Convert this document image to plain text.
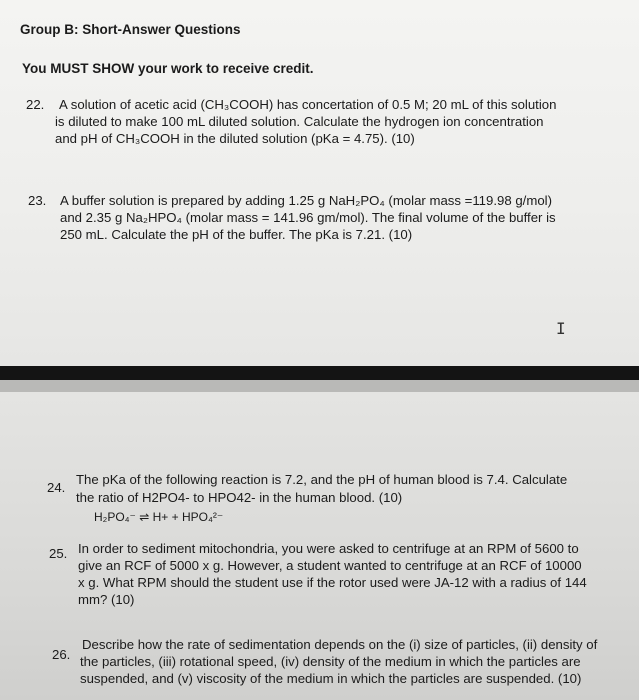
Group B: Short-Answer Questions
You MUST SHOW your work to receive credit.
22. A solution of acetic acid (CH₃COOH) has concertation of 0.5 M; 20 mL of this solution
is diluted to make 100 mL diluted solution. Calculate the hydrogen ion concentration
and pH of CH₃COOH in the diluted solution (pKa = 4.75). (10)
23. A buffer solution is prepared by adding 1.25 g NaH₂PO₄ (molar mass =119.98 g/mol)
and 2.35 g Na₂HPO₄ (molar mass = 141.96 gm/mol). The final volume of the buffer is
250 mL. Calculate the pH of the buffer. The pKa is 7.21. (10)
I
24.
The pKa of the following reaction is 7.2, and the pH of human blood is 7.4. Calculate
the ratio of H2PO4- to HPO42- in the human blood. (10)
H₂PO₄⁻ ⇌ H+ + HPO₄²⁻
25. In order to sediment mitochondria, you were asked to centrifuge at an RPM of 5600 to
give an RCF of 5000 x g. However, a student wanted to centrifuge at an RCF of 10000
x g. What RPM should the student use if the rotor used were JA-12 with a radius of 144
mm? (10)
26.
Describe how the rate of sedimentation depends on the (i) size of particles, (ii) density of
the particles, (iii) rotational speed, (iv) density of the medium in which the particles are
suspended, and (v) viscosity of the medium in which the particles are suspended. (10)
